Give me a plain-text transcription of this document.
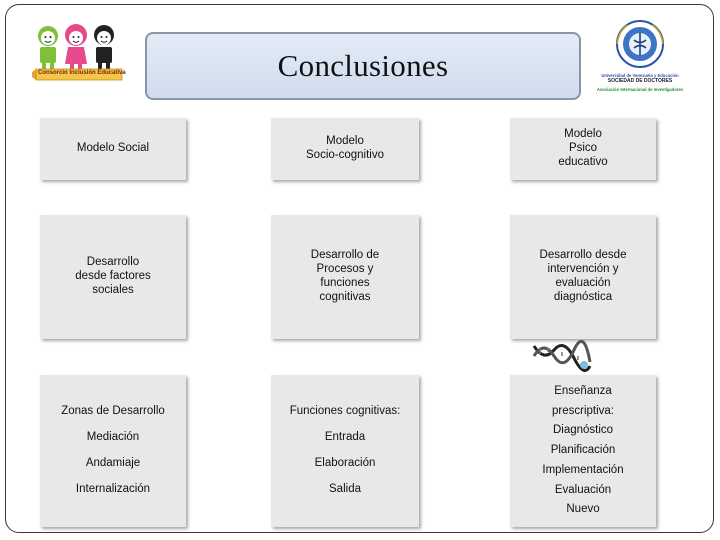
Consorcio Inclusión Educativa	Conclusiones	Universidad de Venezuela y Educación
SOCIEDAD DE DOCTORES
Asociación Internacional de Investigadores
Modelo Social
Modelo
Socio-cognitivo
Modelo
Psico
educativo
Desarrollo
desde factores
sociales
Desarrollo de
Procesos y
funciones
cognitivas
Desarrollo desde
intervención y
evaluación
diagnóstica
Zonas de Desarrollo
Mediación
Andamiaje
Internalización
Funciones cognitivas:
Entrada
Elaboración
Salida
Enseñanza
prescriptiva:
Diagnóstico
Planificación
Implementación
Evaluación
Nuevo
